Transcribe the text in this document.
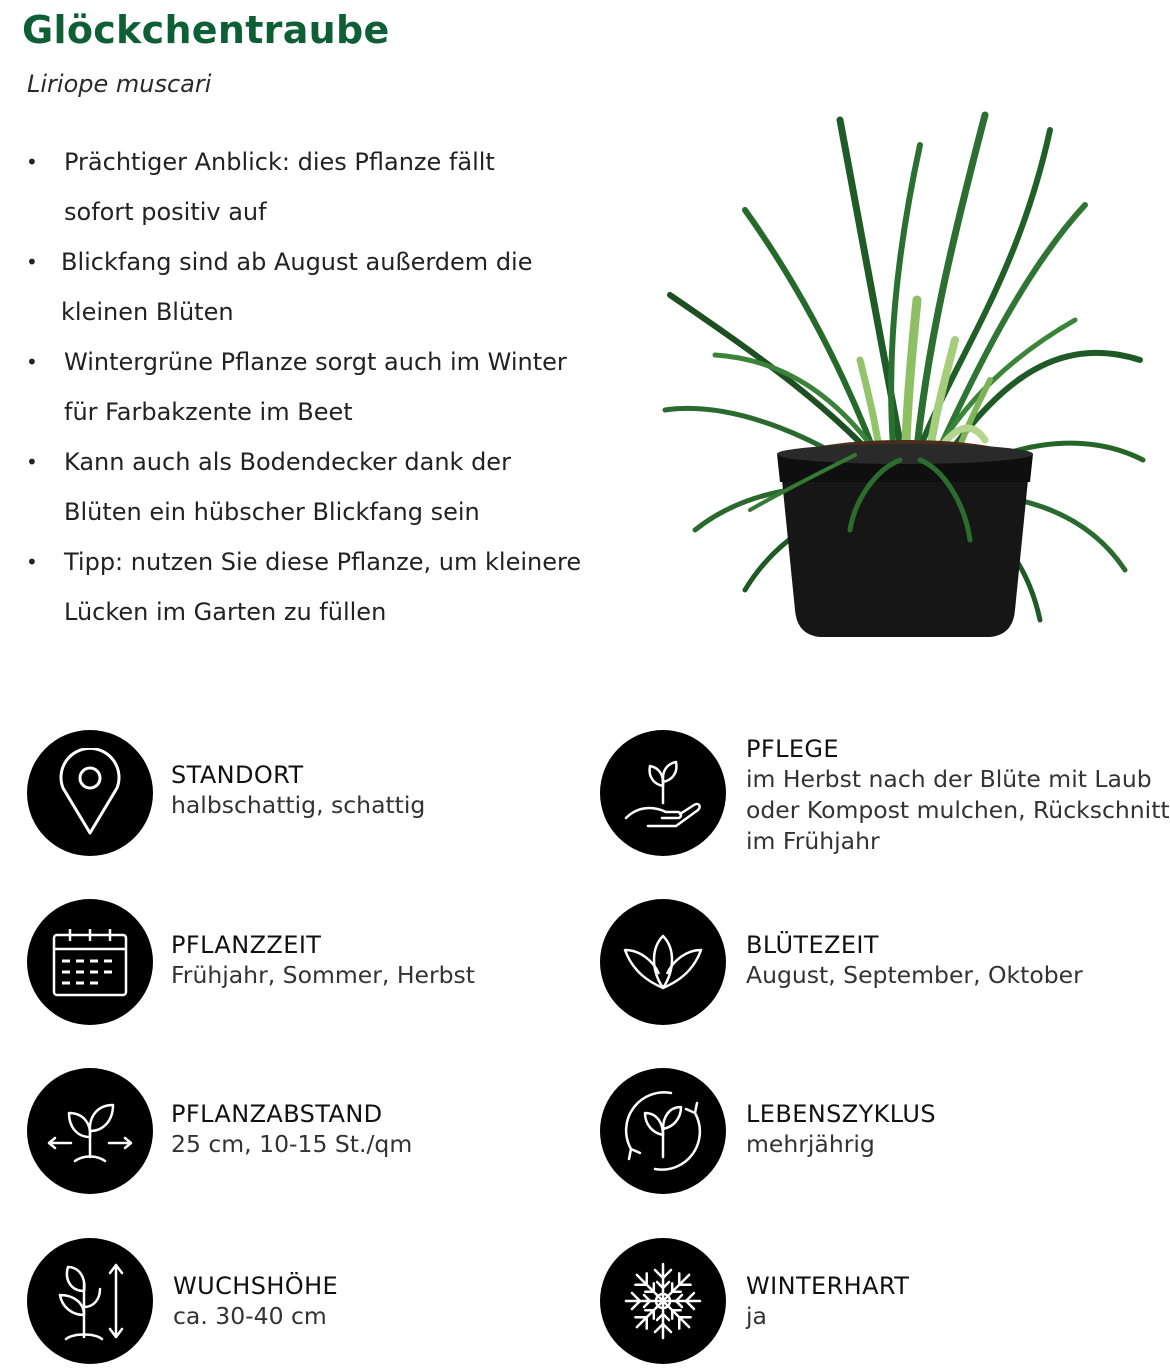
Glöckchentraube

Liriope muscari

• Prächtiger Anblick: dies Pflanze fällt
sofort positiv auf
• Blickfang sind ab August außerdem die
kleinen Blüten
• Wintergrüne Pflanze sorgt auch im Winter
für Farbakzente im Beet
• Kann auch als Bodendecker dank der
Blüten ein hübscher Blickfang sein
• Tipp: nutzen Sie diese Pflanze, um kleinere
Lücken im Garten zu füllen
STANDORT
halbschattig, schattig
PFLEGE
im Herbst nach der Blüte mit Laub
oder Kompost mulchen, Rückschnitt
im Frühjahr
PFLANZZEIT
Frühjahr, Sommer, Herbst
BLÜTEZEIT
August, September, Oktober
PFLANZABSTAND
25 cm, 10-15 St./qm
LEBENSZYKLUS
mehrjährig
WUCHSHÖHE
ca. 30-40 cm
WINTERHART
ja
